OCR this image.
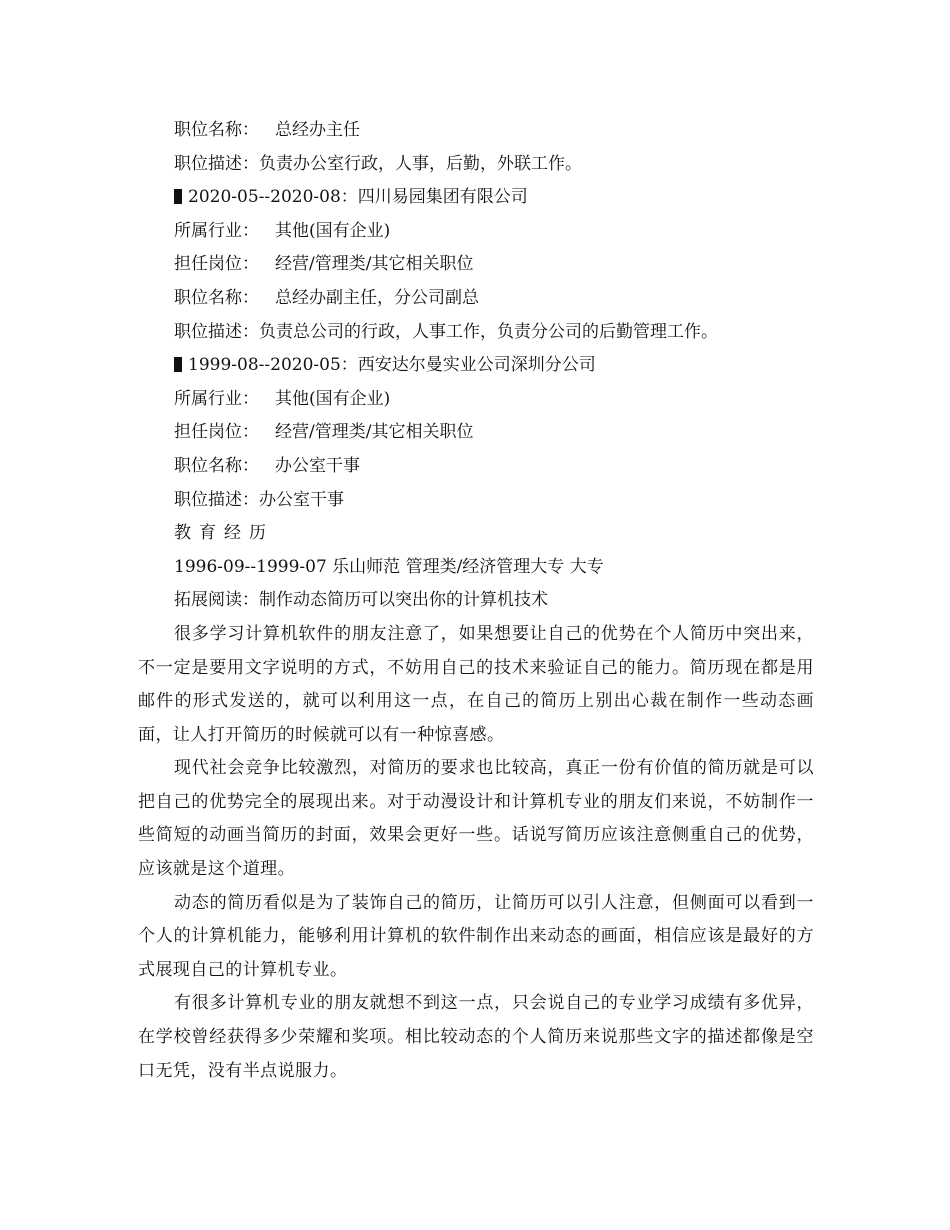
职位名称： 总经办主任
职位描述：负责办公室行政，人事，后勤，外联工作。
2020-05--2020-08：四川易园集团有限公司
所属行业： 其他(国有企业)
担任岗位： 经营/管理类/其它相关职位
职位名称： 总经办副主任，分公司副总
职位描述：负责总公司的行政，人事工作，负责分公司的后勤管理工作。
1999-08--2020-05：西安达尔曼实业公司深圳分公司
所属行业： 其他(国有企业)
担任岗位： 经营/管理类/其它相关职位
职位名称： 办公室干事
职位描述：办公室干事
教育经历
1996-09--1999-07 乐山师范 管理类/经济管理大专 大专
拓展阅读：制作动态简历可以突出你的计算机技术

很多学习计算机软件的朋友注意了，如果想要让自己的优势在个人简历中突出来，不一定是要用文字说明的方式，不妨用自己的技术来验证自己的能力。简历现在都是用邮件的形式发送的，就可以利用这一点，在自己的简历上别出心裁在制作一些动态画面，让人打开简历的时候就可以有一种惊喜感。

现代社会竞争比较激烈，对简历的要求也比较高，真正一份有价值的简历就是可以把自己的优势完全的展现出来。对于动漫设计和计算机专业的朋友们来说，不妨制作一些简短的动画当简历的封面，效果会更好一些。话说写简历应该注意侧重自己的优势，应该就是这个道理。

动态的简历看似是为了装饰自己的简历，让简历可以引人注意，但侧面可以看到一个人的计算机能力，能够利用计算机的软件制作出来动态的画面，相信应该是最好的方式展现自己的计算机专业。

有很多计算机专业的朋友就想不到这一点，只会说自己的专业学习成绩有多优异，在学校曾经获得多少荣耀和奖项。相比较动态的个人简历来说那些文字的描述都像是空口无凭，没有半点说服力。
